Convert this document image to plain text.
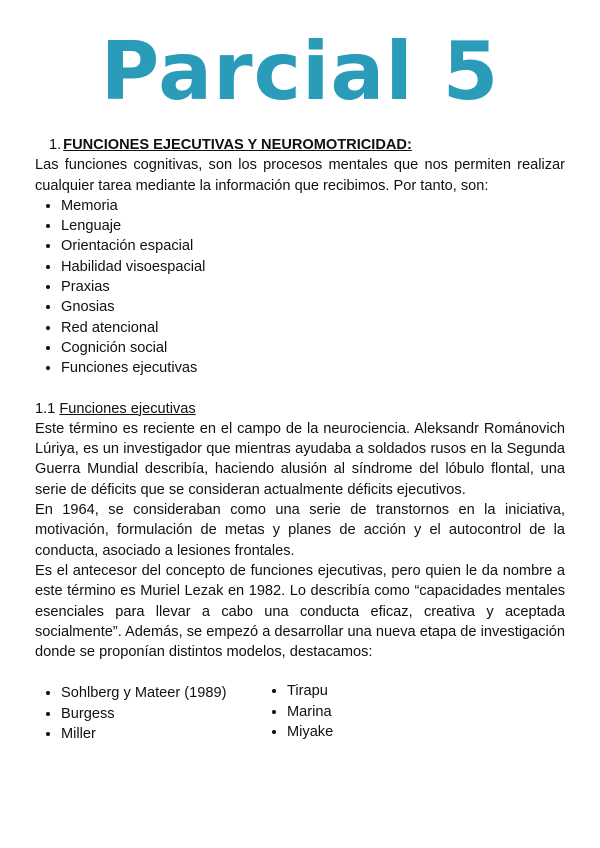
Parcial 5
1. FUNCIONES EJECUTIVAS Y NEUROMOTRICIDAD:

Las funciones cognitivas, son los procesos mentales que nos permiten realizar cualquier tarea mediante la información que recibimos. Por tanto, son:

• Memoria
• Lenguaje
• Orientación espacial
• Habilidad visoespacial
• Praxias
• Gnosias
• Red atencional
• Cognición social
• Funciones ejecutivas
1.1 Funciones ejecutivas

Este término es reciente en el campo de la neurociencia. Aleksandr Románovich Lúriya, es un investigador que mientras ayudaba a soldados rusos en la Segunda Guerra Mundial describía, haciendo alusión al síndrome del lóbulo flontal, una serie de déficits que se consideran actualmente déficits ejecutivos.

En 1964, se consideraban como una serie de transtornos en la iniciativa, motivación, formulación de metas y planes de acción y el autocontrol de la conducta, asociado a lesiones frontales.

Es el antecesor del concepto de funciones ejecutivas, pero quien le da nombre a este término es Muriel Lezak en 1982. Lo describía como “capacidades mentales esenciales para llevar a cabo una conducta eficaz, creativa y aceptada socialmente”. Además, se empezó a desarrollar una nueva etapa de investigación donde se proponían distintos modelos, destacamos:

• Sohlberg y Mateer (1989)
• Burgess
• Miller
• Tirapu
• Marina
• Miyake
